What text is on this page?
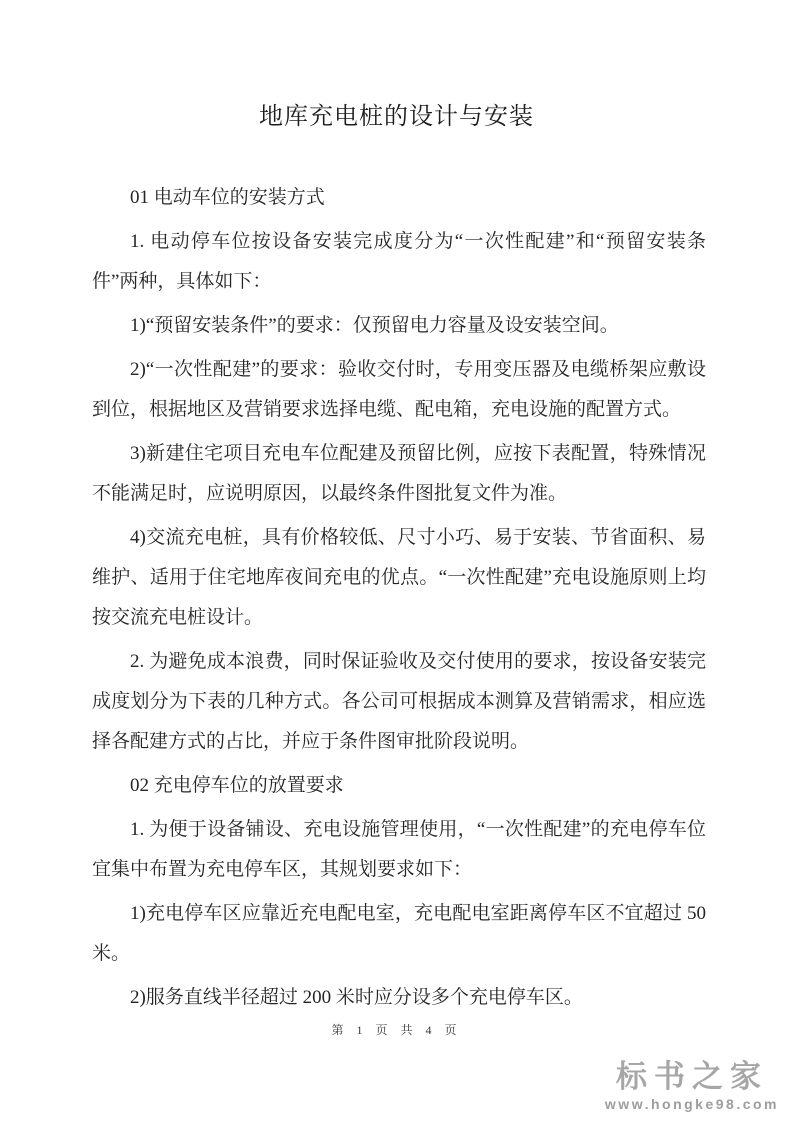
地库充电桩的设计与安装

01 电动车位的安装方式

1. 电动停车位按设备安装完成度分为“一次性配建”和“预留安装条件”两种，具体如下：

1)“预留安装条件”的要求：仅预留电力容量及设安装空间。

2)“一次性配建”的要求：验收交付时，专用变压器及电缆桥架应敷设到位，根据地区及营销要求选择电缆、配电箱，充电设施的配置方式。

3)新建住宅项目充电车位配建及预留比例，应按下表配置，特殊情况不能满足时，应说明原因，以最终条件图批复文件为准。

4)交流充电桩，具有价格较低、尺寸小巧、易于安装、节省面积、易维护、适用于住宅地库夜间充电的优点。“一次性配建”充电设施原则上均按交流充电桩设计。

2. 为避免成本浪费，同时保证验收及交付使用的要求，按设备安装完成度划分为下表的几种方式。各公司可根据成本测算及营销需求，相应选择各配建方式的占比，并应于条件图审批阶段说明。

02 充电停车位的放置要求

1. 为便于设备铺设、充电设施管理使用，“一次性配建”的充电停车位宜集中布置为充电停车区，其规划要求如下：

1)充电停车区应靠近充电配电室，充电配电室距离停车区不宜超过 50 米。

2)服务直线半径超过 200 米时应分设多个充电停车区。

第 1 页 共 4 页
标书之家
www.hongke98.com
